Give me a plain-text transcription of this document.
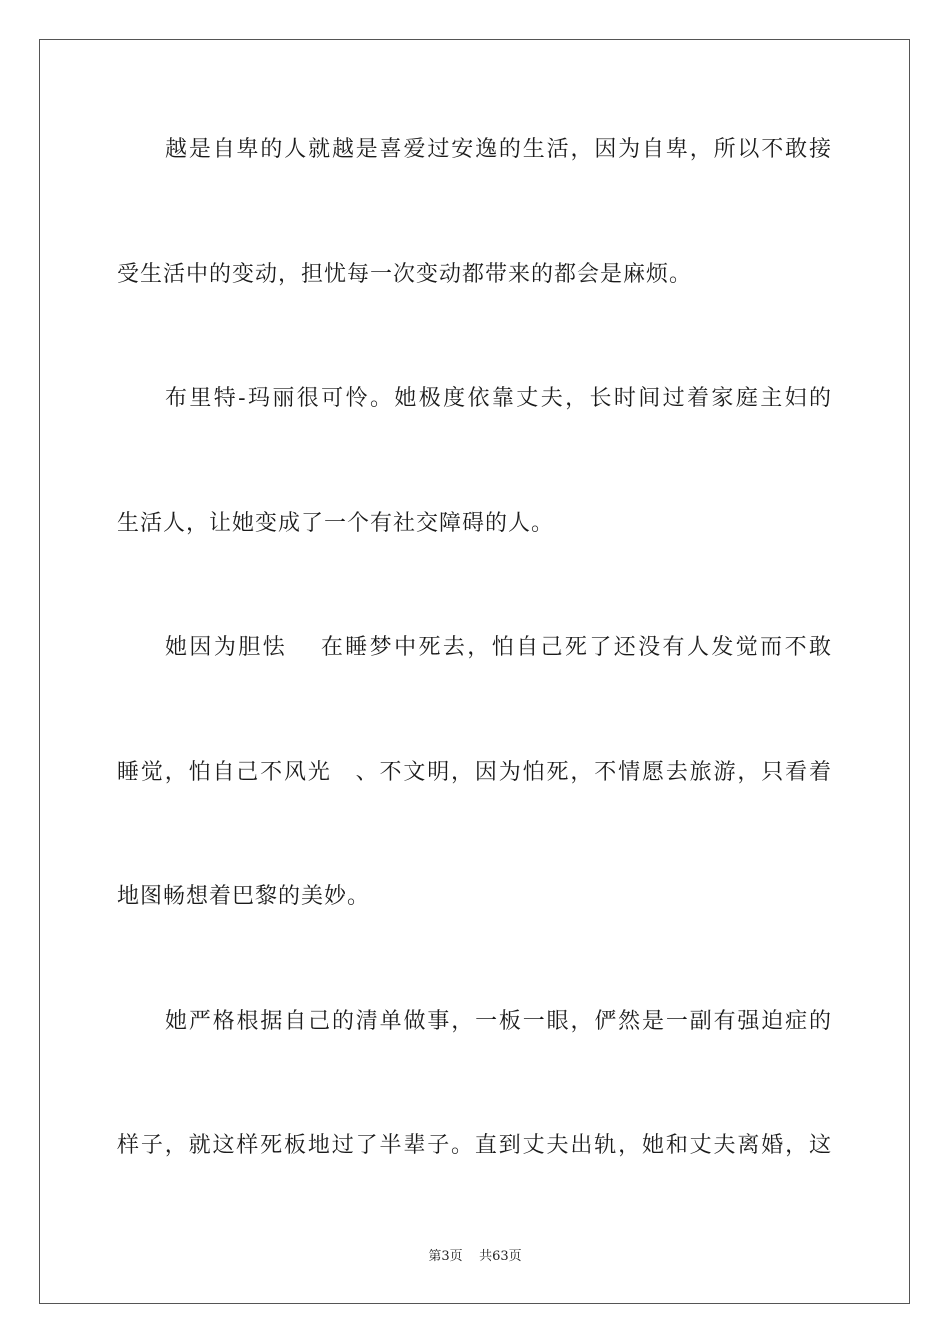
越是自卑的人就越是喜爱过安逸的生活，因为自卑，所以不敢接
受生活中的变动，担忧每一次变动都带来的都会是麻烦。
布里特-玛丽很可怜。她极度依靠丈夫，长时间过着家庭主妇的
生活人，让她变成了一个有社交障碍的人。
她因为胆怯　 在睡梦中死去，怕自己死了还没有人发觉而不敢
睡觉，怕自己不风光　、不文明，因为怕死，不情愿去旅游，只看着
地图畅想着巴黎的美妙。
她严格根据自己的清单做事，一板一眼，俨然是一副有强迫症的
样子，就这样死板地过了半辈子。直到丈夫出轨，她和丈夫离婚，这
第3页 共63页
